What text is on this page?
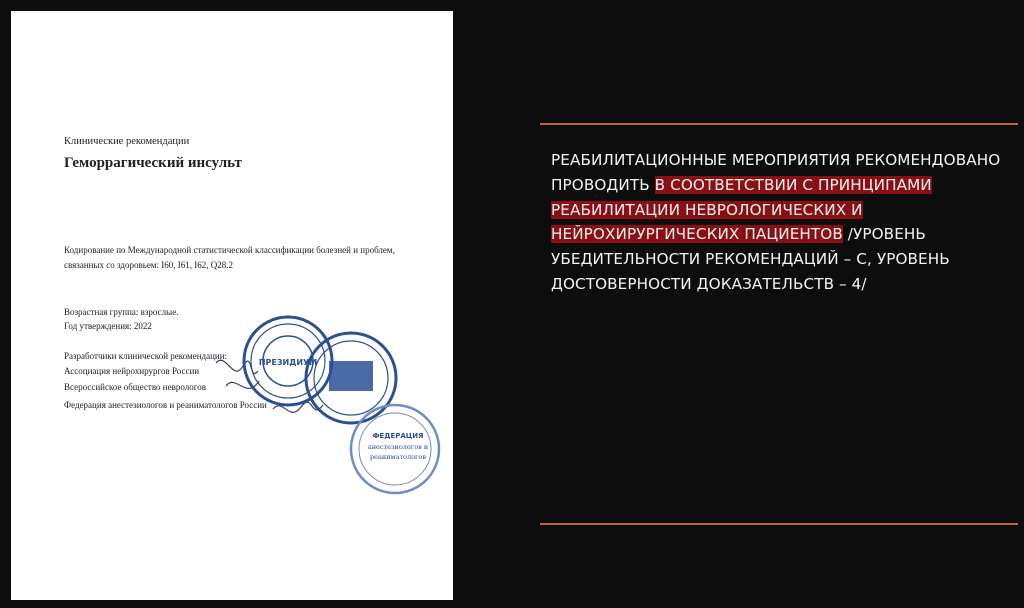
Клинические рекомендации
Геморрагический инсульт
Кодирование по Международной статистической классификации болезней и проблем,
связанных со здоровьем: I60, I61, I62, Q28.2
Возрастная группа: взрослые.
Год утверждения: 2022
Разработчики клинической рекомендации:
Ассоциация нейрохирургов России
Всероссийское общество неврологов
Федерация анестезиологов и реаниматологов России
ПРЕЗИДИУМ
ФЕДЕРАЦИЯ
анестезиологов и
реаниматологов
РЕАБИЛИТАЦИОННЫЕ МЕРОПРИЯТИЯ РЕКОМЕНДОВАНО ПРОВОДИТЬ В СООТВЕТСТВИИ С ПРИНЦИПАМИ РЕАБИЛИТАЦИИ НЕВРОЛОГИЧЕСКИХ И НЕЙРОХИРУРГИЧЕСКИХ ПАЦИЕНТОВ /УРОВЕНЬ УБЕДИТЕЛЬНОСТИ РЕКОМЕНДАЦИЙ – С, УРОВЕНЬ ДОСТОВЕРНОСТИ ДОКАЗАТЕЛЬСТВ – 4/
